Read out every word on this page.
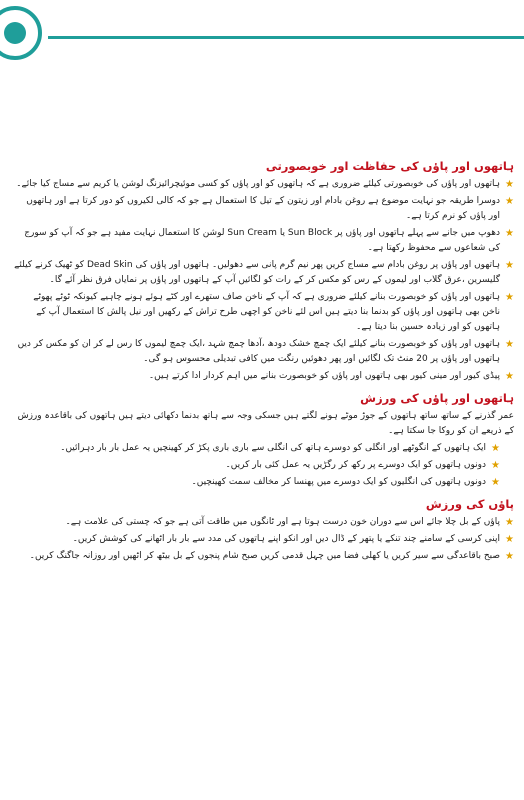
ہاتھوں اور پاؤں کی حفاظت اور خوبصورتی
★
ہاتھوں اور پاؤں کی خوبصورتی کیلئے ضروری ہے کہ ہاتھوں کو اور پاؤں کو کسی موئیچرائیزنگ لوشن یا کریم سے مساج کیا جائے۔
★
دوسرا طریقہ جو نہایت موضوع ہے روغن بادام اور زیتون کے تیل کا استعمال ہے جو کہ کالی لکیروں کو دور کرتا ہے اور ہاتھوں اور پاؤں کو نرم کرتا ہے۔
★
دھوپ میں جانے سے پہلے ہاتھوں اور پاؤں پر Sun Block یا Sun Cream لوشن کا استعمال نہایت مفید ہے جو کہ آپ کو سورج کی شعاعوں سے محفوظ رکھتا ہے۔
★
ہاتھوں اور پاؤں پر روغن بادام سے مساج کریں پھر نیم گرم پانی سے دھولیں۔ ہاتھوں اور پاؤں کی Dead Skin کو ٹھیک کرنے کیلئے گلیسرین ،عرق گلاب اور لیموں کے رس کو مکس کر کے رات کو لگائیں آپ کے ہاتھوں اور پاؤں پر نمایاں فرق نظر آئے گا۔
★
ہاتھوں اور پاؤں کو خوبصورت بنانے کیلئے ضروری ہے کہ آپ کے ناخن صاف ستھرے اور کٹے ہوئے ہونے چاہیے کیونکہ ٹوٹے پھوٹے ناخن بھی ہاتھوں اور پاؤں کو بدنما بنا دیتے ہیں اس لئے ناخن کو اچھی طرح تراش کے رکھیں اور نیل پالش کا استعمال آپ کے ہاتھوں کو اور زیادہ حسین بنا دیتا ہے۔
★
ہاتھوں اور پاؤں کو خوبصورت بنانے کیلئے ایک چمچ خشک دودھ ،آدھا چمچ شہد ،ایک چمچ لیموں کا رس لے کر ان کو مکس کر دیں ہاتھوں اور پاؤں پر 20 منٹ تک لگائیں اور پھر دھوئیں رنگت میں کافی تبدیلی محسوس ہو گی۔
★
پیڈی کیور اور مینی کیور بھی ہاتھوں اور پاؤں کو خوبصورت بنانے میں اہم کردار ادا کرتے ہیں۔
ہاتھوں اور پاؤں کی ورزش
عمر گذرنے کے ساتھ ساتھ ہاتھوں کے جوڑ موٹے ہونے لگتے ہیں جسکی وجہ سے ہاتھ بدنما دکھائی دیتے ہیں ہاتھوں کی باقاعدہ ورزش کے ذریعے ان کو روکا جا سکتا ہے۔
★
ایک ہاتھوں کے انگوٹھے اور انگلی کو دوسرے ہاتھ کی انگلی سے باری باری پکڑ کر کھینچیں یہ عمل بار بار دہرائیں۔
★
دونوں ہاتھوں کو ایک دوسرے پر رکھ کر رگڑیں یہ عمل کئی بار کریں۔
★
دونوں ہاتھوں کی انگلیوں کو ایک دوسرے میں پھنسا کر مخالف سمت کھینچیں۔
پاؤں کی ورزش
★
پاؤں کے بل چلا جائے اس سے دوران خون درست ہوتا ہے اور ٹانگوں میں طاقت آتی ہے جو کہ چستی کی علامت ہے۔
★
اپنی کرسی کے سامنے چند تنکے یا پتھر کے ڈال دیں اور انکو اپنے ہاتھوں کی مدد سے بار بار اٹھانے کی کوشش کریں۔
★
صبح باقاعدگی سے سیر کریں یا کھلی فضا میں چہل قدمی کریں صبح شام پنجوں کے بل بیٹھ کر اٹھیں اور روزانہ جاگنگ کریں۔
